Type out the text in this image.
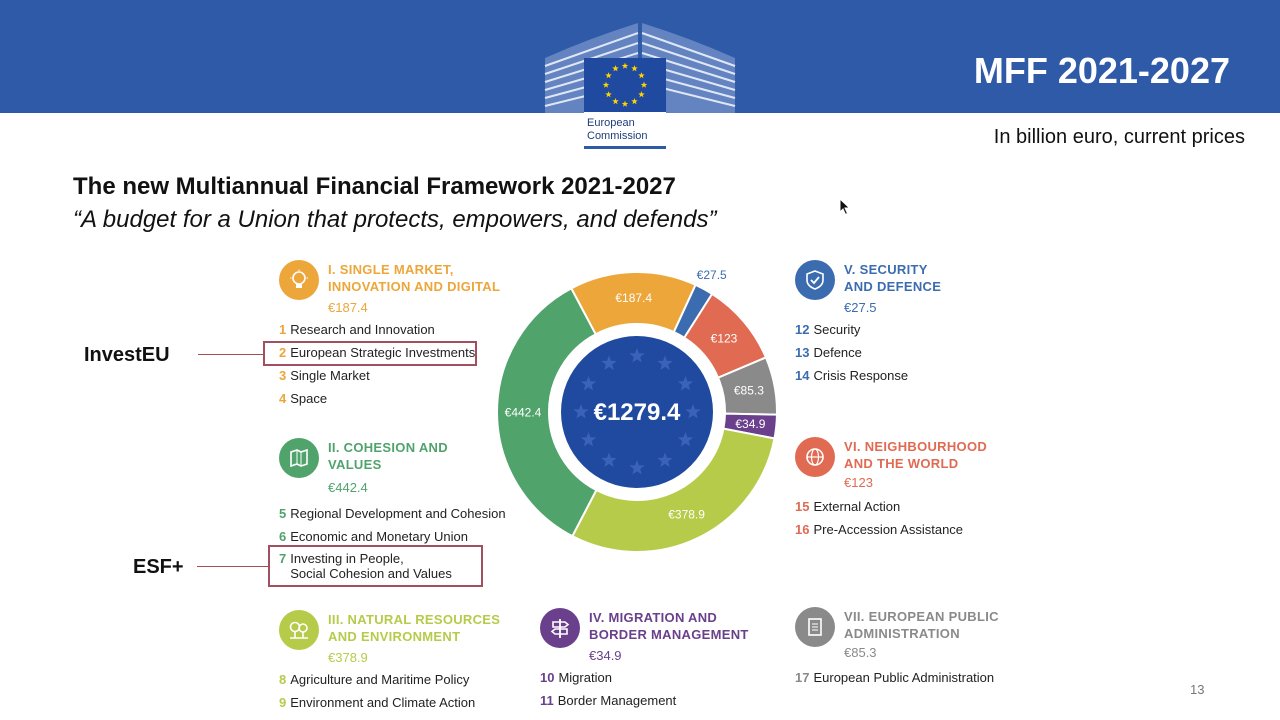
European
Commission
MFF 2021-2027
In billion euro, current prices
The new Multiannual Financial Framework 2021-2027
“A budget for a Union that protects, empowers, and defends”
€187.4
€27.5
€123
€85.3
€34.9
€378.9
€442.4 €1279.4
I. SINGLE MARKET,
INNOVATION AND DIGITAL
€187.4
II. COHESION AND
VALUES
€442.4
III. NATURAL RESOURCES
AND ENVIRONMENT
€378.9
IV. MIGRATION AND
BORDER MANAGEMENT
€34.9
V. SECURITY
AND DEFENCE
€27.5
VI. NEIGHBOURHOOD
AND THE WORLD
€123
VII. EUROPEAN PUBLIC
ADMINISTRATION
€85.3
1 Research and Innovation
2 European Strategic Investments
3 Single Market
4 Space
5 Regional Development and Cohesion
6 Economic and Monetary Union
7 Investing in People,
Social Cohesion and Values
8 Agriculture and Maritime Policy
9 Environment and Climate Action
10 Migration
11 Border Management
12 Security
13 Defence
14 Crisis Response
15 External Action
16 Pre-Accession Assistance
17 European Public Administration
InvestEU
ESF+
13
